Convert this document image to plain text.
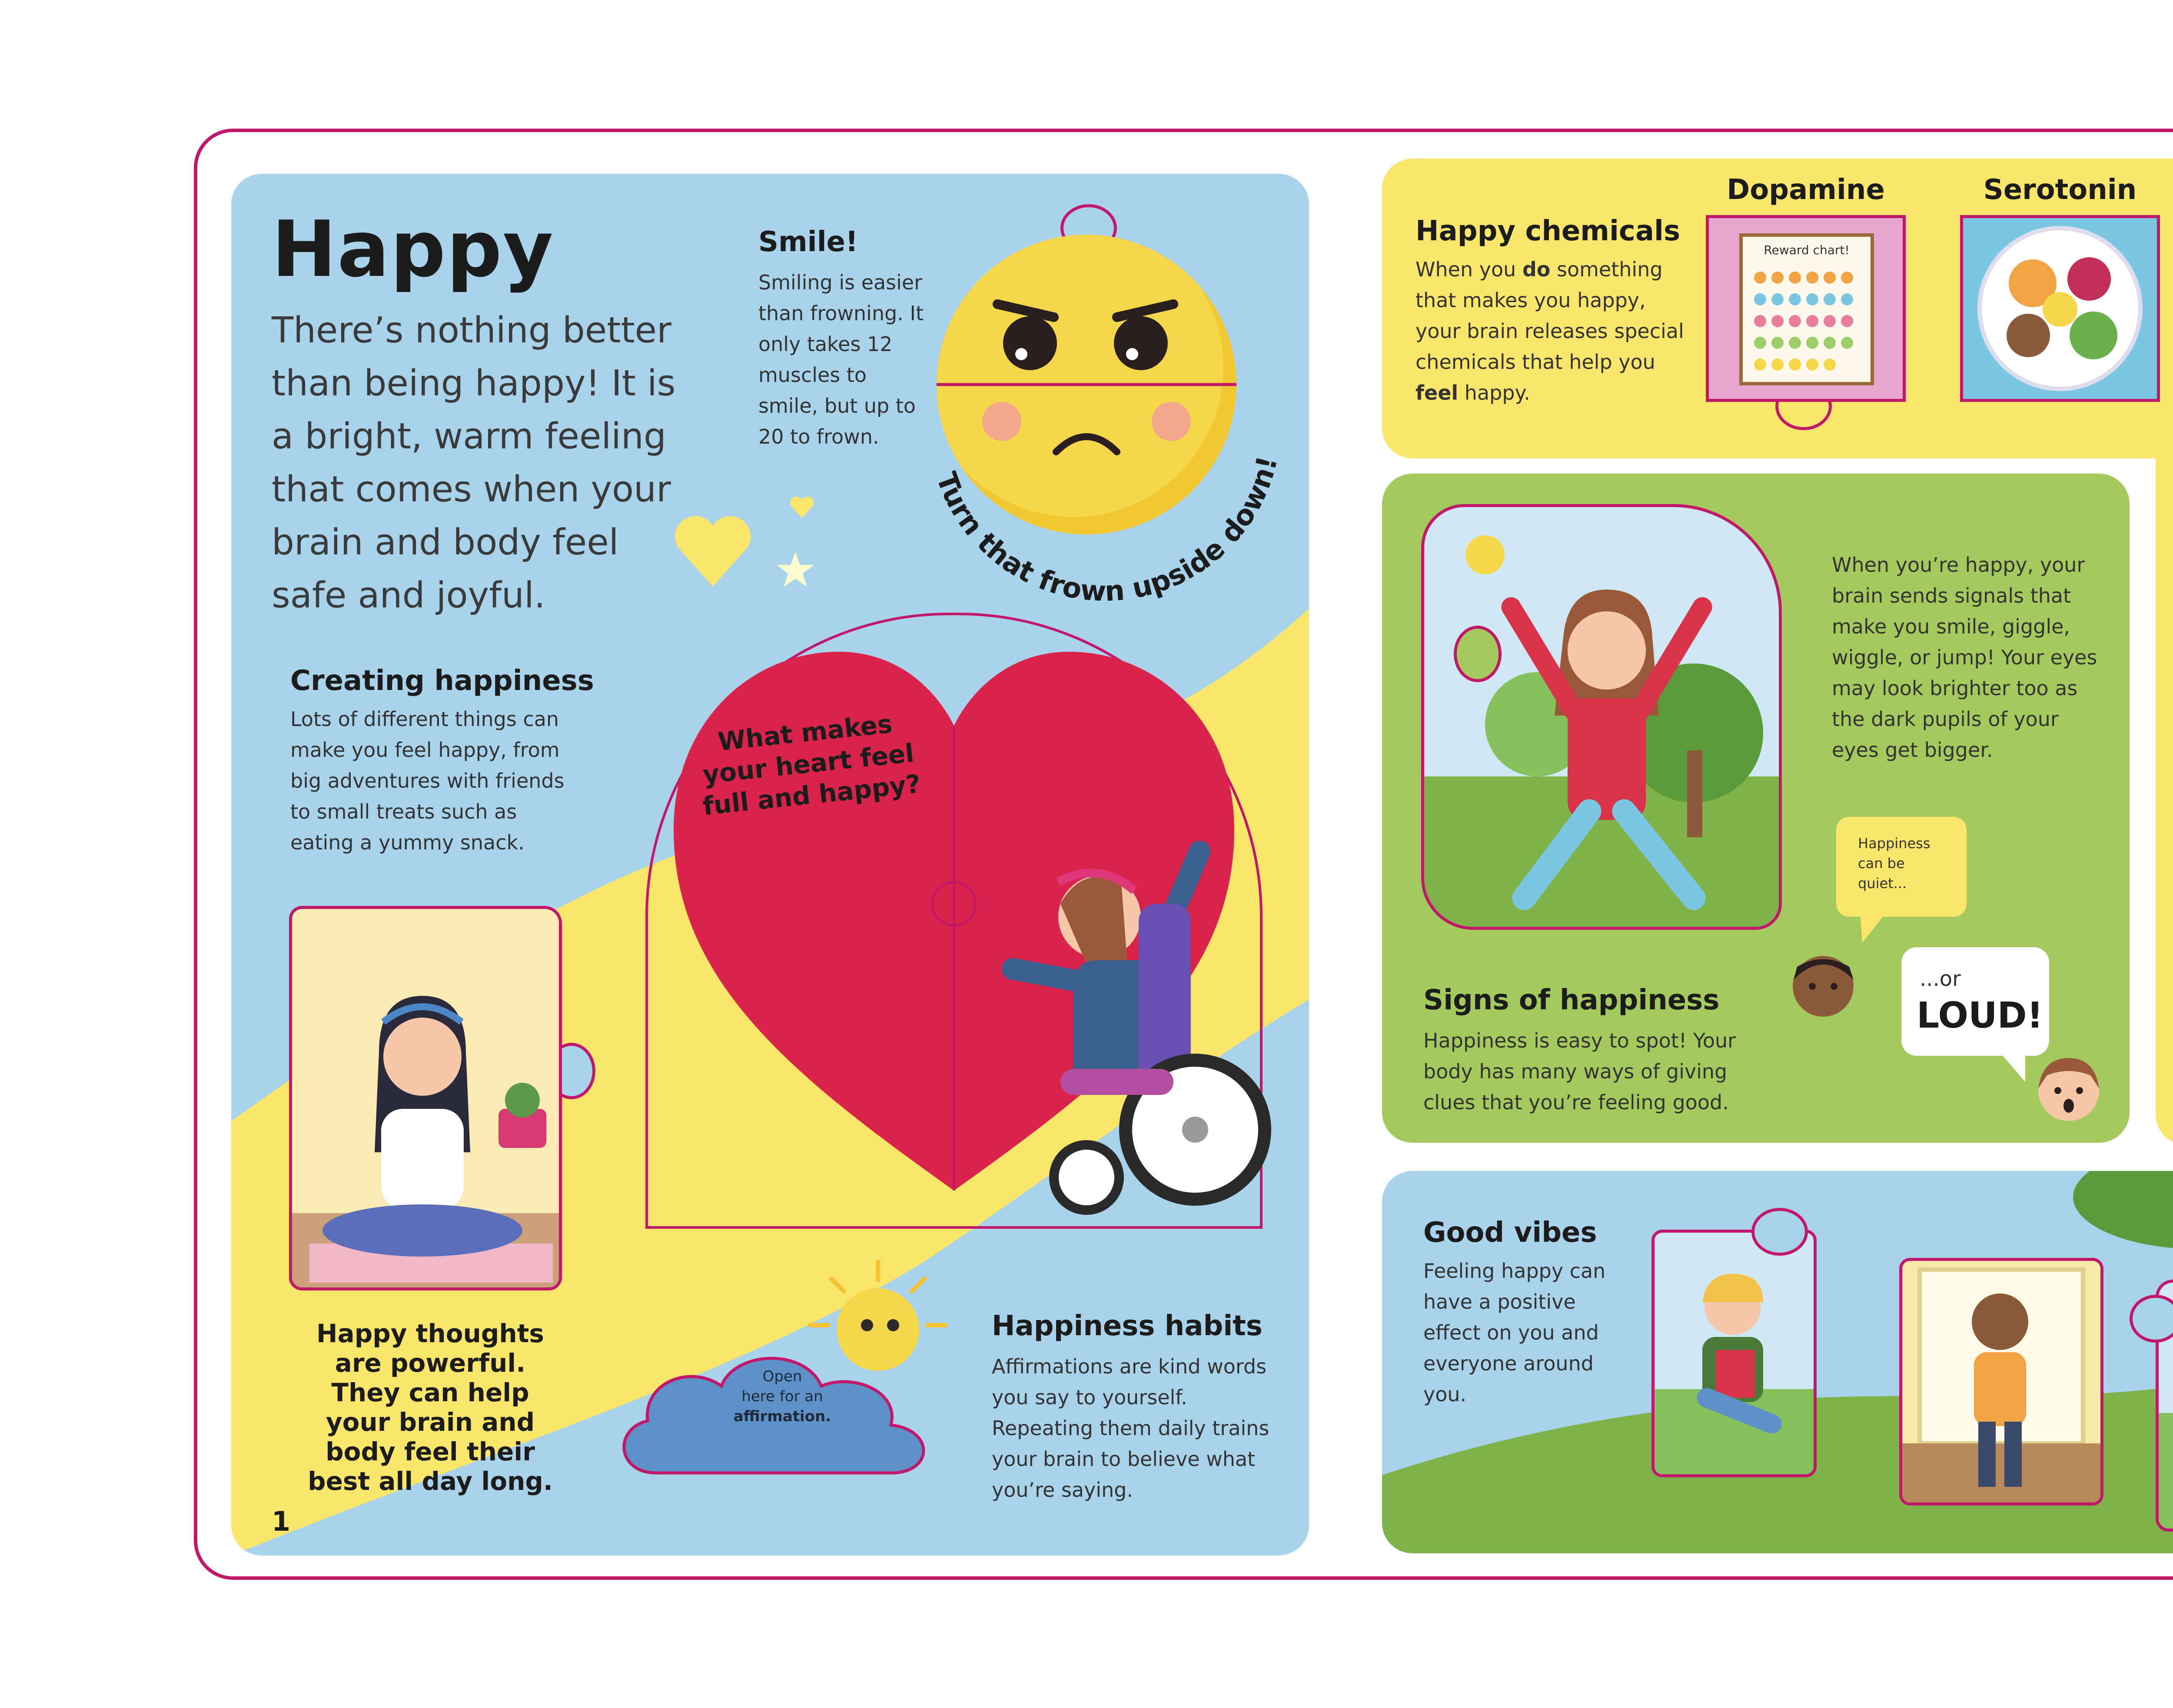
Happy
There’s nothing better than being happy! It is a bright, warm feeling that comes when your brain and body feel safe and joyful.
Smile!
Smiling is easier than frowning. It only takes 12 muscles to smile, but up to 20 to frown.
Turn that frown upside down!
Creating happiness
Lots of different things can make you feel happy, from big adventures with friends to small treats such as eating a yummy snack.
What makes your heart feel full and happy?
Happy thoughts are powerful. They can help your brain and body feel their best all day long.
Open
here for an
affirmation.
Happiness habits
Affirmations are kind words you say to yourself. Repeating them daily trains your brain to believe what you’re saying.
1
Happy chemicals
When you do something that makes you happy, your brain releases special chemicals that help you feel happy.
Dopamine
Reward chart!
Serotonin
When you’re happy, your brain sends signals that make you smile, giggle, wiggle, or jump! Your eyes may look brighter too as the dark pupils of your eyes get bigger.
Happiness can be quiet...
...or
LOUD!
Signs of happiness
Happiness is easy to spot! Your body has many ways of giving clues that you’re feeling good.
Good vibes
Feeling happy can have a positive effect on you and everyone around you.
